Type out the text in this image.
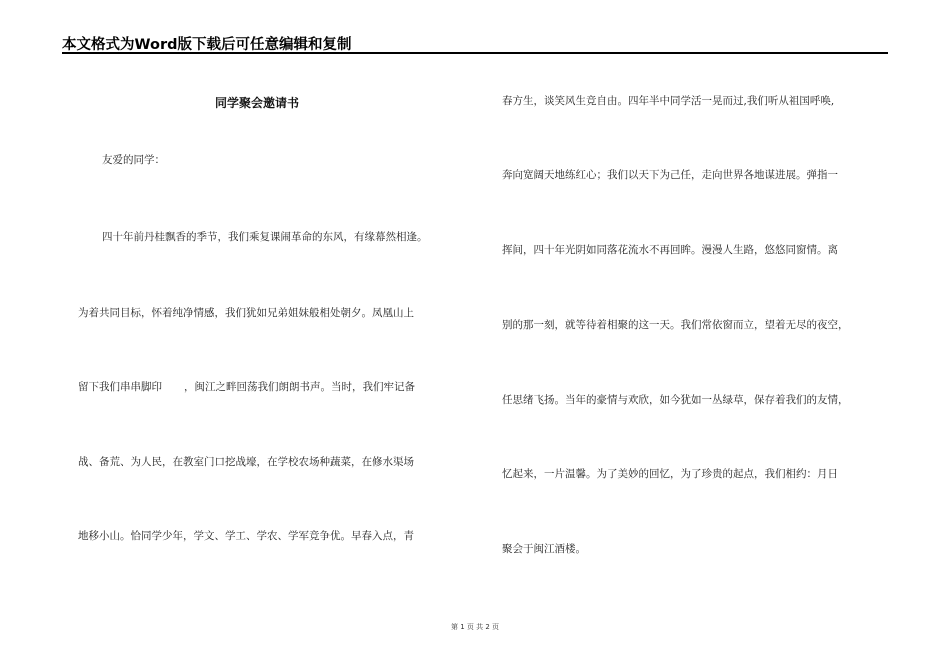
本文格式为Word版下载后可任意编辑和复制
同学聚会邀请书
友爱的同学：
四十年前丹桂飘香的季节，我们乘复课闹革命的东风，有缘幕然相逢。
为着共同目标，怀着纯净情感，我们犹如兄弟姐妹般相处朝夕。凤凰山上
留下我们串串脚印 ，闽江之畔回荡我们朗朗书声。当时，我们牢记备
战、备荒、为人民，在教室门口挖战壕，在学校农场种蔬菜，在修水渠场
地移小山。恰同学少年，学文、学工、学农、学军竞争优。早春入点，青
春方生，谈笑风生竞自由。四年半中同学活一晃而过,我们听从祖国呼唤,
奔向宽阔天地练红心；我们以天下为己任，走向世界各地谋进展。弹指一
挥间，四十年光阴如同落花流水不再回眸。漫漫人生路，悠悠同窗情。离
别的那一刻，就等待着相聚的这一天。我们常依窗而立，望着无尽的夜空，
任思绪飞扬。当年的豪情与欢欣，如今犹如一丛绿草，保存着我们的友情，
忆起来，一片温馨。为了美妙的回忆，为了珍贵的起点，我们相约：月日
聚会于闽江酒楼。
第 1 页 共 2 页
